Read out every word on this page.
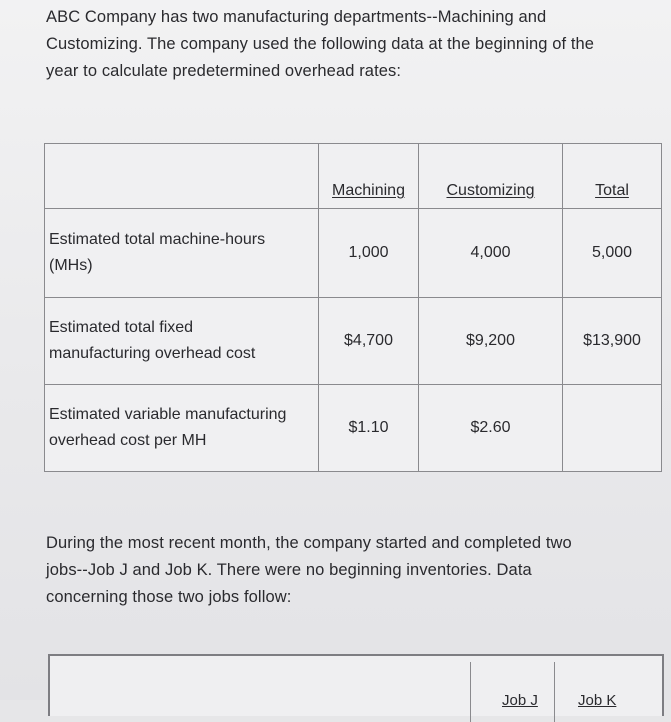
ABC Company has two manufacturing departments--Machining and
Customizing. The company used the following data at the beginning of the
year to calculate predetermined overhead rates:
	Machining	Customizing	Total

Estimated total machine-hours
(MHs)	1,000	4,000	5,000

Estimated total fixed
manufacturing overhead cost	$4,700	$9,200	$13,900

Estimated variable manufacturing
overhead cost per MH	$1.10	$2.60	
During the most recent month, the company started and completed two
jobs--Job J and Job K. There were no beginning inventories. Data
concerning those two jobs follow:
Job J	Job K
